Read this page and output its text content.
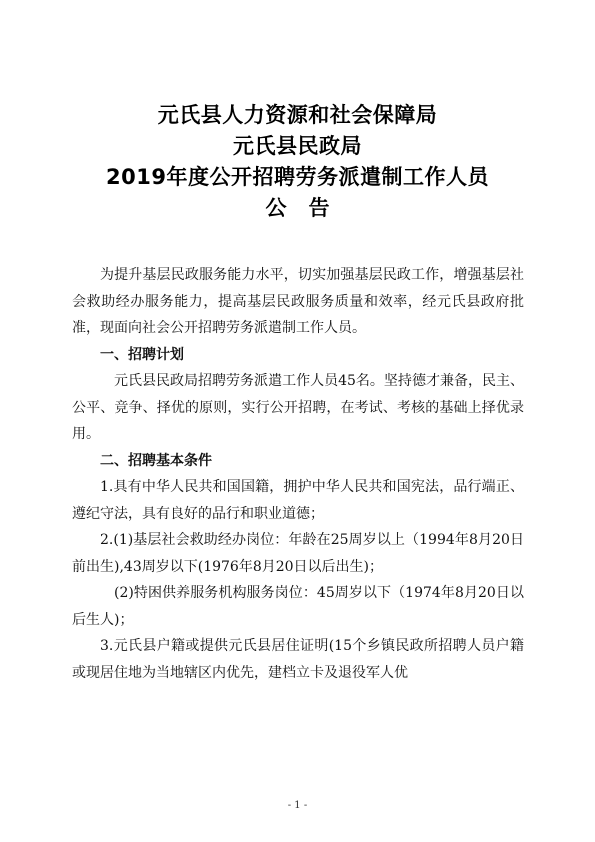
元氏县人力资源和社会保障局
元氏县民政局
2019年度公开招聘劳务派遣制工作人员
公告

为提升基层民政服务能力水平，切实加强基层民政工作，增强基层社会救助经办服务能力，提高基层民政服务质量和效率，经元氏县政府批准，现面向社会公开招聘劳务派遣制工作人员。

一、招聘计划

元氏县民政局招聘劳务派遣工作人员45名。坚持德才兼备，民主、公平、竞争、择优的原则，实行公开招聘，在考试、考核的基础上择优录用。

二、招聘基本条件

1.具有中华人民共和国国籍，拥护中华人民共和国宪法，品行端正、遵纪守法，具有良好的品行和职业道德；

2.(1)基层社会救助经办岗位：年龄在25周岁以上（1994年8月20日前出生),43周岁以下(1976年8月20日以后出生)；

(2)特困供养服务机构服务岗位：45周岁以下（1974年8月20日以后生人)；

3.元氏县户籍或提供元氏县居住证明(15个乡镇民政所招聘人员户籍或现居住地为当地辖区内优先，建档立卡及退役军人优

- 1 -
